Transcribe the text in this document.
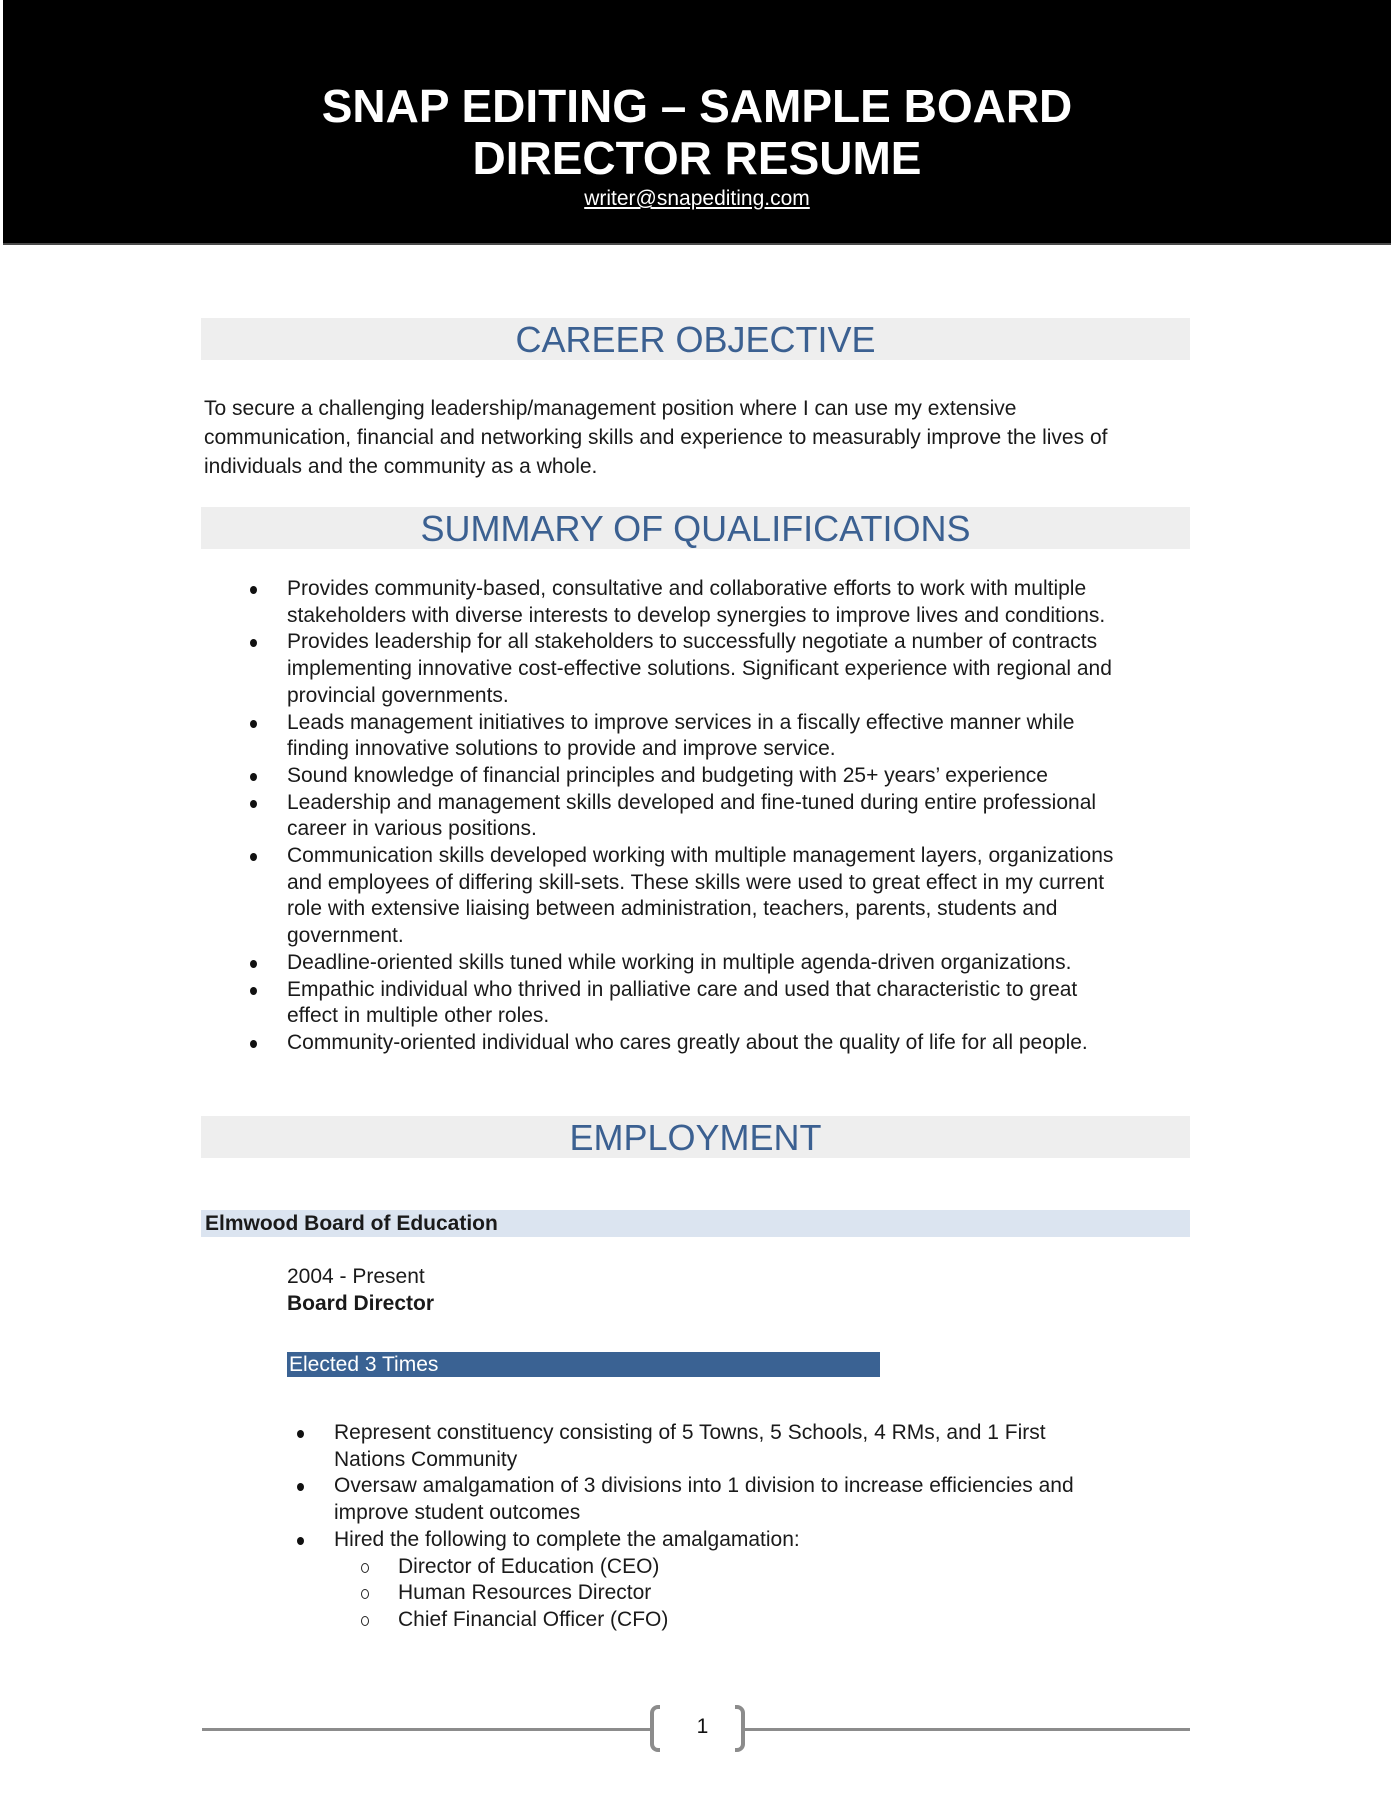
SNAP EDITING – SAMPLE BOARD
DIRECTOR RESUME
writer@snapediting.com
CAREER OBJECTIVE
To secure a challenging leadership/management position where I can use my extensive
communication, financial and networking skills and experience to measurably improve the lives of
individuals and the community as a whole.
SUMMARY OF QUALIFICATIONS
Provides community-based, consultative and collaborative efforts to work with multiple
stakeholders with diverse interests to develop synergies to improve lives and conditions.
Provides leadership for all stakeholders to successfully negotiate a number of contracts
implementing innovative cost-effective solutions. Significant experience with regional and
provincial governments.
Leads management initiatives to improve services in a fiscally effective manner while
finding innovative solutions to provide and improve service.
Sound knowledge of financial principles and budgeting with 25+ years’ experience
Leadership and management skills developed and fine-tuned during entire professional
career in various positions.
Communication skills developed working with multiple management layers, organizations
and employees of differing skill-sets. These skills were used to great effect in my current
role with extensive liaising between administration, teachers, parents, students and
government.
Deadline-oriented skills tuned while working in multiple agenda-driven organizations.
Empathic individual who thrived in palliative care and used that characteristic to great
effect in multiple other roles.
Community-oriented individual who cares greatly about the quality of life for all people.
EMPLOYMENT
Elmwood Board of Education
2004 - Present
Board Director
Elected 3 Times
Represent constituency consisting of 5 Towns, 5 Schools, 4 RMs, and 1 First
Nations Community
Oversaw amalgamation of 3 divisions into 1 division to increase efficiencies and
improve student outcomes
Hired the following to complete the amalgamation:
Director of Education (CEO)
Human Resources Director
Chief Financial Officer (CFO)
1
